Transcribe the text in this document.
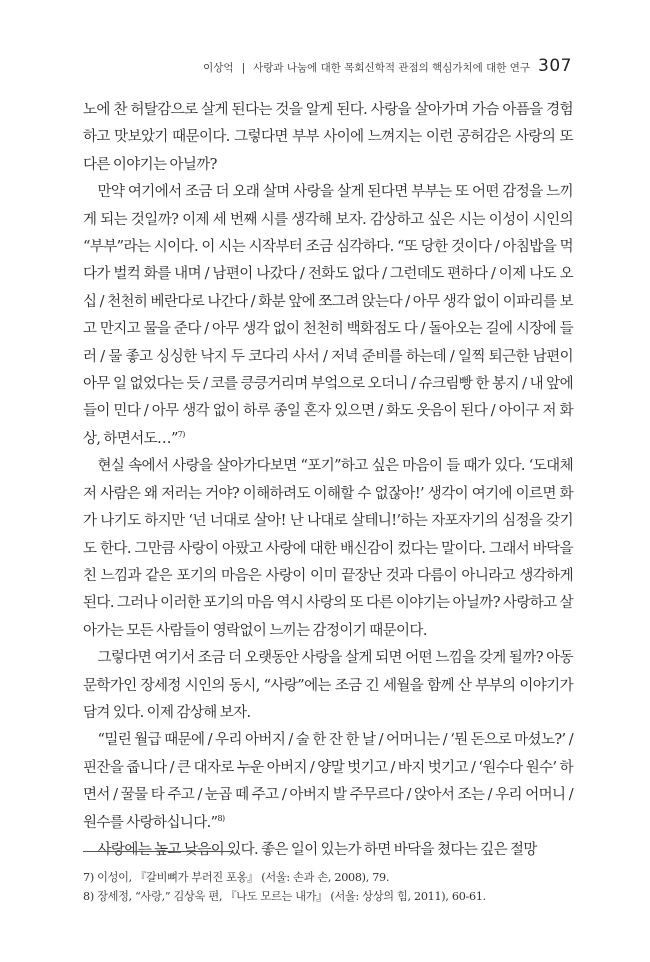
이상억 | 사랑과 나눔에 대한 목회신학적 관점의 핵심가치에 대한 연구 307

노에 찬 허탈감으로 살게 된다는 것을 알게 된다. 사랑을 살아가며 가슴 아픔을 경험하고 맛보았기 때문이다. 그렇다면 부부 사이에 느껴지는 이런 공허감은 사랑의 또 다른 이야기는 아닐까?

만약 여기에서 조금 더 오래 살며 사랑을 살게 된다면 부부는 또 어떤 감정을 느끼게 되는 것일까? 이제 세 번째 시를 생각해 보자. 감상하고 싶은 시는 이성이 시인의 “부부”라는 시이다. 이 시는 시작부터 조금 심각하다. “또 당한 것이다 / 아침밥을 먹다가 벌컥 화를 내며 / 남편이 나갔다 / 전화도 없다 / 그런데도 편하다 / 이제 나도 오십 / 천천히 베란다로 나간다 / 화분 앞에 쪼그려 앉는다 / 아무 생각 없이 이파리를 보고 만지고 물을 준다 / 아무 생각 없이 천천히 백화점도 다 / 돌아오는 길에 시장에 들러 / 물 좋고 싱싱한 낙지 두 코다리 사서 / 저녁 준비를 하는데 / 일찍 퇴근한 남편이 아무 일 없었다는 듯 / 코를 킁킁거리며 부엌으로 오더니 / 슈크림빵 한 봉지 / 내 앞에 들이 민다 / 아무 생각 없이 하루 종일 혼자 있으면 / 화도 웃음이 된다 / 아이구 저 화상, 하면서도…”$^{7)}$

현실 속에서 사랑을 살아가다보면 “포기”하고 싶은 마음이 들 때가 있다. ‘도대체 저 사람은 왜 저러는 거야? 이해하려도 이해할 수 없잖아!’ 생각이 여기에 이르면 화가 나기도 하지만 ‘넌 너대로 살아! 난 나대로 살테니!’하는 자포자기의 심정을 갖기도 한다. 그만큼 사랑이 아팠고 사랑에 대한 배신감이 컸다는 말이다. 그래서 바닥을 친 느낌과 같은 포기의 마음은 사랑이 이미 끝장난 것과 다름이 아니라고 생각하게 된다. 그러나 이러한 포기의 마음 역시 사랑의 또 다른 이야기는 아닐까? 사랑하고 살아가는 모든 사람들이 영락없이 느끼는 감정이기 때문이다.

그렇다면 여기서 조금 더 오랫동안 사랑을 살게 되면 어떤 느낌을 갖게 될까? 아동 문학가인 장세정 시인의 동시, “사랑”에는 조금 긴 세월을 함께 산 부부의 이야기가 담겨 있다. 이제 감상해 보자.

“밀린 월급 때문에 / 우리 아버지 / 술 한 잔 한 날 / 어머니는 / ‘뭔 돈으로 마셨노?’ / 핀잔을 줍니다 / 큰 대자로 누운 아버지 / 양말 벗기고 / 바지 벗기고 / ‘원수다 원수’ 하면서 / 꿀물 타 주고 / 눈곱 떼 주고 / 아버지 발 주무르다 / 앉아서 조는 / 우리 어머니 / 원수를 사랑하십니다.”$^{8)}$

사랑에는 높고 낮음이 있다. 좋은 일이 있는가 하면 바닥을 쳤다는 깊은 절망

7) 이성이, 『갈비뼈가 부러진 포옹』 (서울: 손과 손, 2008), 79.

8) 장세정, “사랑,” 김상욱 편, 『나도 모르는 내가』 (서울: 상상의 힘, 2011), 60-61.
